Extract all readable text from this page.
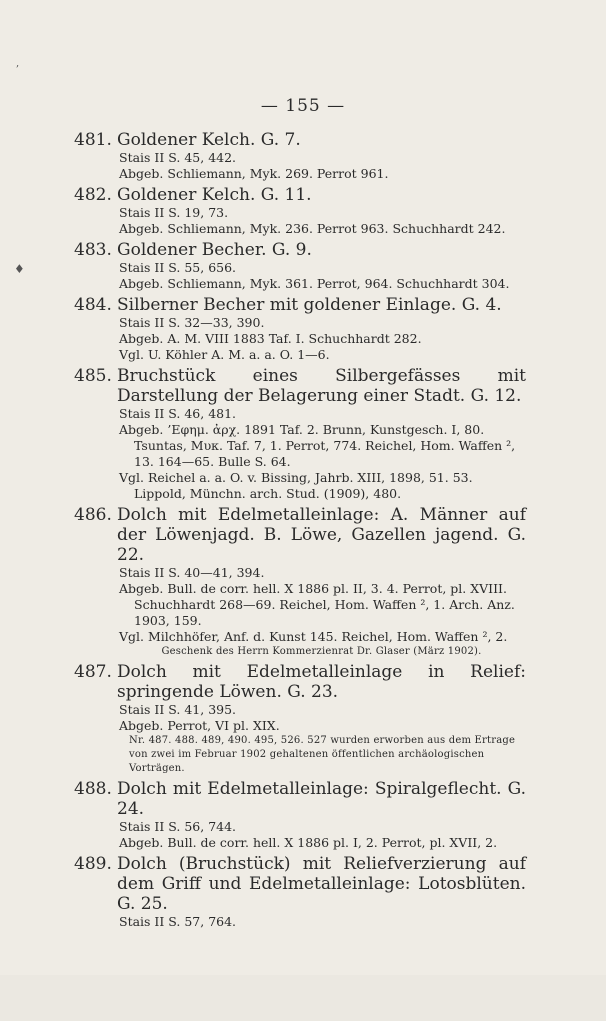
,
♦
— 155 —
481. Goldener Kelch. G. 7.
Stais II S. 45, 442.
Abgeb. Schliemann, Myk. 269. Perrot 961.
482. Goldener Kelch. G. 11.
Stais II S. 19, 73.
Abgeb. Schliemann, Myk. 236. Perrot 963. Schuchhardt 242.
483. Goldener Becher. G. 9.
Stais II S. 55, 656.
Abgeb. Schliemann, Myk. 361. Perrot, 964. Schuchhardt 304.
484. Silberner Becher mit goldener Einlage. G. 4.
Stais II S. 32—33, 390.
Abgeb. A. M. VIII 1883 Taf. I. Schuchhardt 282.
Vgl. U. Köhler A. M. a. a. O. 1—6.
485. Bruchstück eines Silbergefässes mit Darstellung der Belagerung einer Stadt. G. 12.
Stais II S. 46, 481.
Abgeb. ’Εφημ. ἀρχ. 1891 Taf. 2. Brunn, Kunstgesch. I, 80. Tsuntas, Μυκ. Taf. 7, 1. Perrot, 774. Reichel, Hom. Waffen ², 13. 164—65. Bulle S. 64.
Vgl. Reichel a. a. O. v. Bissing, Jahrb. XIII, 1898, 51. 53. Lippold, Münchn. arch. Stud. (1909), 480.
486. Dolch mit Edelmetalleinlage: A. Männer auf der Löwenjagd. B. Löwe, Gazellen jagend. G. 22.
Stais II S. 40—41, 394.
Abgeb. Bull. de corr. hell. X 1886 pl. II, 3. 4. Perrot, pl. XVIII. Schuchhardt 268—69. Reichel, Hom. Waffen ², 1. Arch. Anz. 1903, 159.
Vgl. Milchhöfer, Anf. d. Kunst 145. Reichel, Hom. Waffen ², 2.
Geschenk des Herrn Kommerzienrat Dr. Glaser (März 1902).
487. Dolch mit Edelmetalleinlage in Relief: springende Löwen. G. 23.
Stais II S. 41, 395.
Abgeb. Perrot, VI pl. XIX.
Nr. 487. 488. 489, 490. 495, 526. 527 wurden erworben aus dem Ertrage von zwei im Februar 1902 gehaltenen öffentlichen archäologischen Vorträgen.
488. Dolch mit Edelmetalleinlage: Spiralgeflecht. G. 24.
Stais II S. 56, 744.
Abgeb. Bull. de corr. hell. X 1886 pl. I, 2. Perrot, pl. XVII, 2.
489. Dolch (Bruchstück) mit Reliefverzierung auf dem Griff und Edelmetalleinlage: Lotosblüten. G. 25.
Stais II S. 57, 764.
